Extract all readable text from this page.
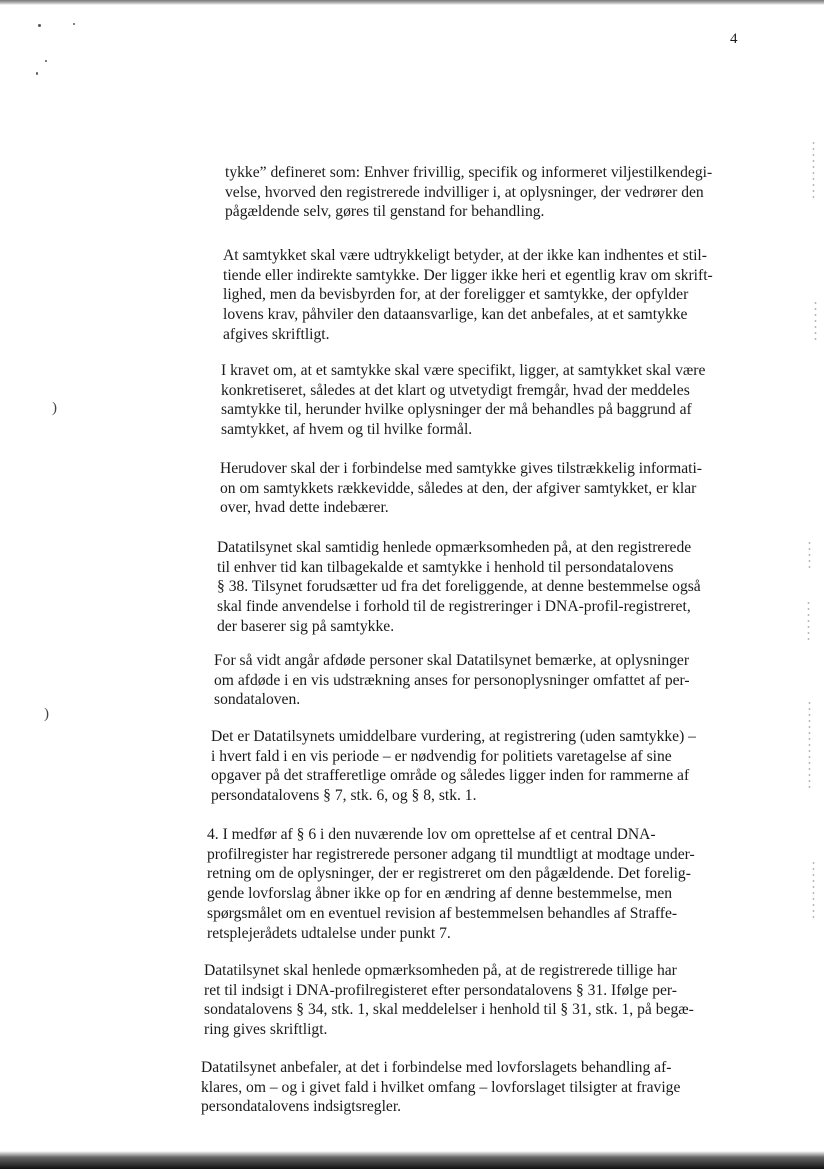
)
)
4
tykke” defineret som: Enhver frivillig, specifik og informeret viljestilkendegi-
velse, hvorved den registrerede indvilliger i, at oplysninger, der vedrører den
pågældende selv, gøres til genstand for behandling.
At samtykket skal være udtrykkeligt betyder, at der ikke kan indhentes et stil-
tiende eller indirekte samtykke. Der ligger ikke heri et egentlig krav om skrift-
lighed, men da bevisbyrden for, at der foreligger et samtykke, der opfylder
lovens krav, påhviler den dataansvarlige, kan det anbefales, at et samtykke
afgives skriftligt.
I kravet om, at et samtykke skal være specifikt, ligger, at samtykket skal være
konkretiseret, således at det klart og utvetydigt fremgår, hvad der meddeles
samtykke til, herunder hvilke oplysninger der må behandles på baggrund af
samtykket, af hvem og til hvilke formål.
Herudover skal der i forbindelse med samtykke gives tilstrækkelig informati-
on om samtykkets rækkevidde, således at den, der afgiver samtykket, er klar
over, hvad dette indebærer.
Datatilsynet skal samtidig henlede opmærksomheden på, at den registrerede
til enhver tid kan tilbagekalde et samtykke i henhold til persondatalovens
§ 38. Tilsynet forudsætter ud fra det foreliggende, at denne bestemmelse også
skal finde anvendelse i forhold til de registreringer i DNA-profil-registreret,
der baserer sig på samtykke.
For så vidt angår afdøde personer skal Datatilsynet bemærke, at oplysninger
om afdøde i en vis udstrækning anses for personoplysninger omfattet af per-
sondataloven.
Det er Datatilsynets umiddelbare vurdering, at registrering (uden samtykke) –
i hvert fald i en vis periode – er nødvendig for politiets varetagelse af sine
opgaver på det strafferetlige område og således ligger inden for rammerne af
persondatalovens § 7, stk. 6, og § 8, stk. 1.
4. I medfør af § 6 i den nuværende lov om oprettelse af et central DNA-
profilregister har registrerede personer adgang til mundtligt at modtage under-
retning om de oplysninger, der er registreret om den pågældende. Det forelig-
gende lovforslag åbner ikke op for en ændring af denne bestemmelse, men
spørgsmålet om en eventuel revision af bestemmelsen behandles af Straffe-
retsplejerådets udtalelse under punkt 7.
Datatilsynet skal henlede opmærksomheden på, at de registrerede tillige har
ret til indsigt i DNA-profilregisteret efter persondatalovens § 31. Ifølge per-
sondatalovens § 34, stk. 1, skal meddelelser i henhold til § 31, stk. 1, på begæ-
ring gives skriftligt.
Datatilsynet anbefaler, at det i forbindelse med lovforslagets behandling af-
klares, om – og i givet fald i hvilket omfang – lovforslaget tilsigter at fravige
persondatalovens indsigtsregler.
